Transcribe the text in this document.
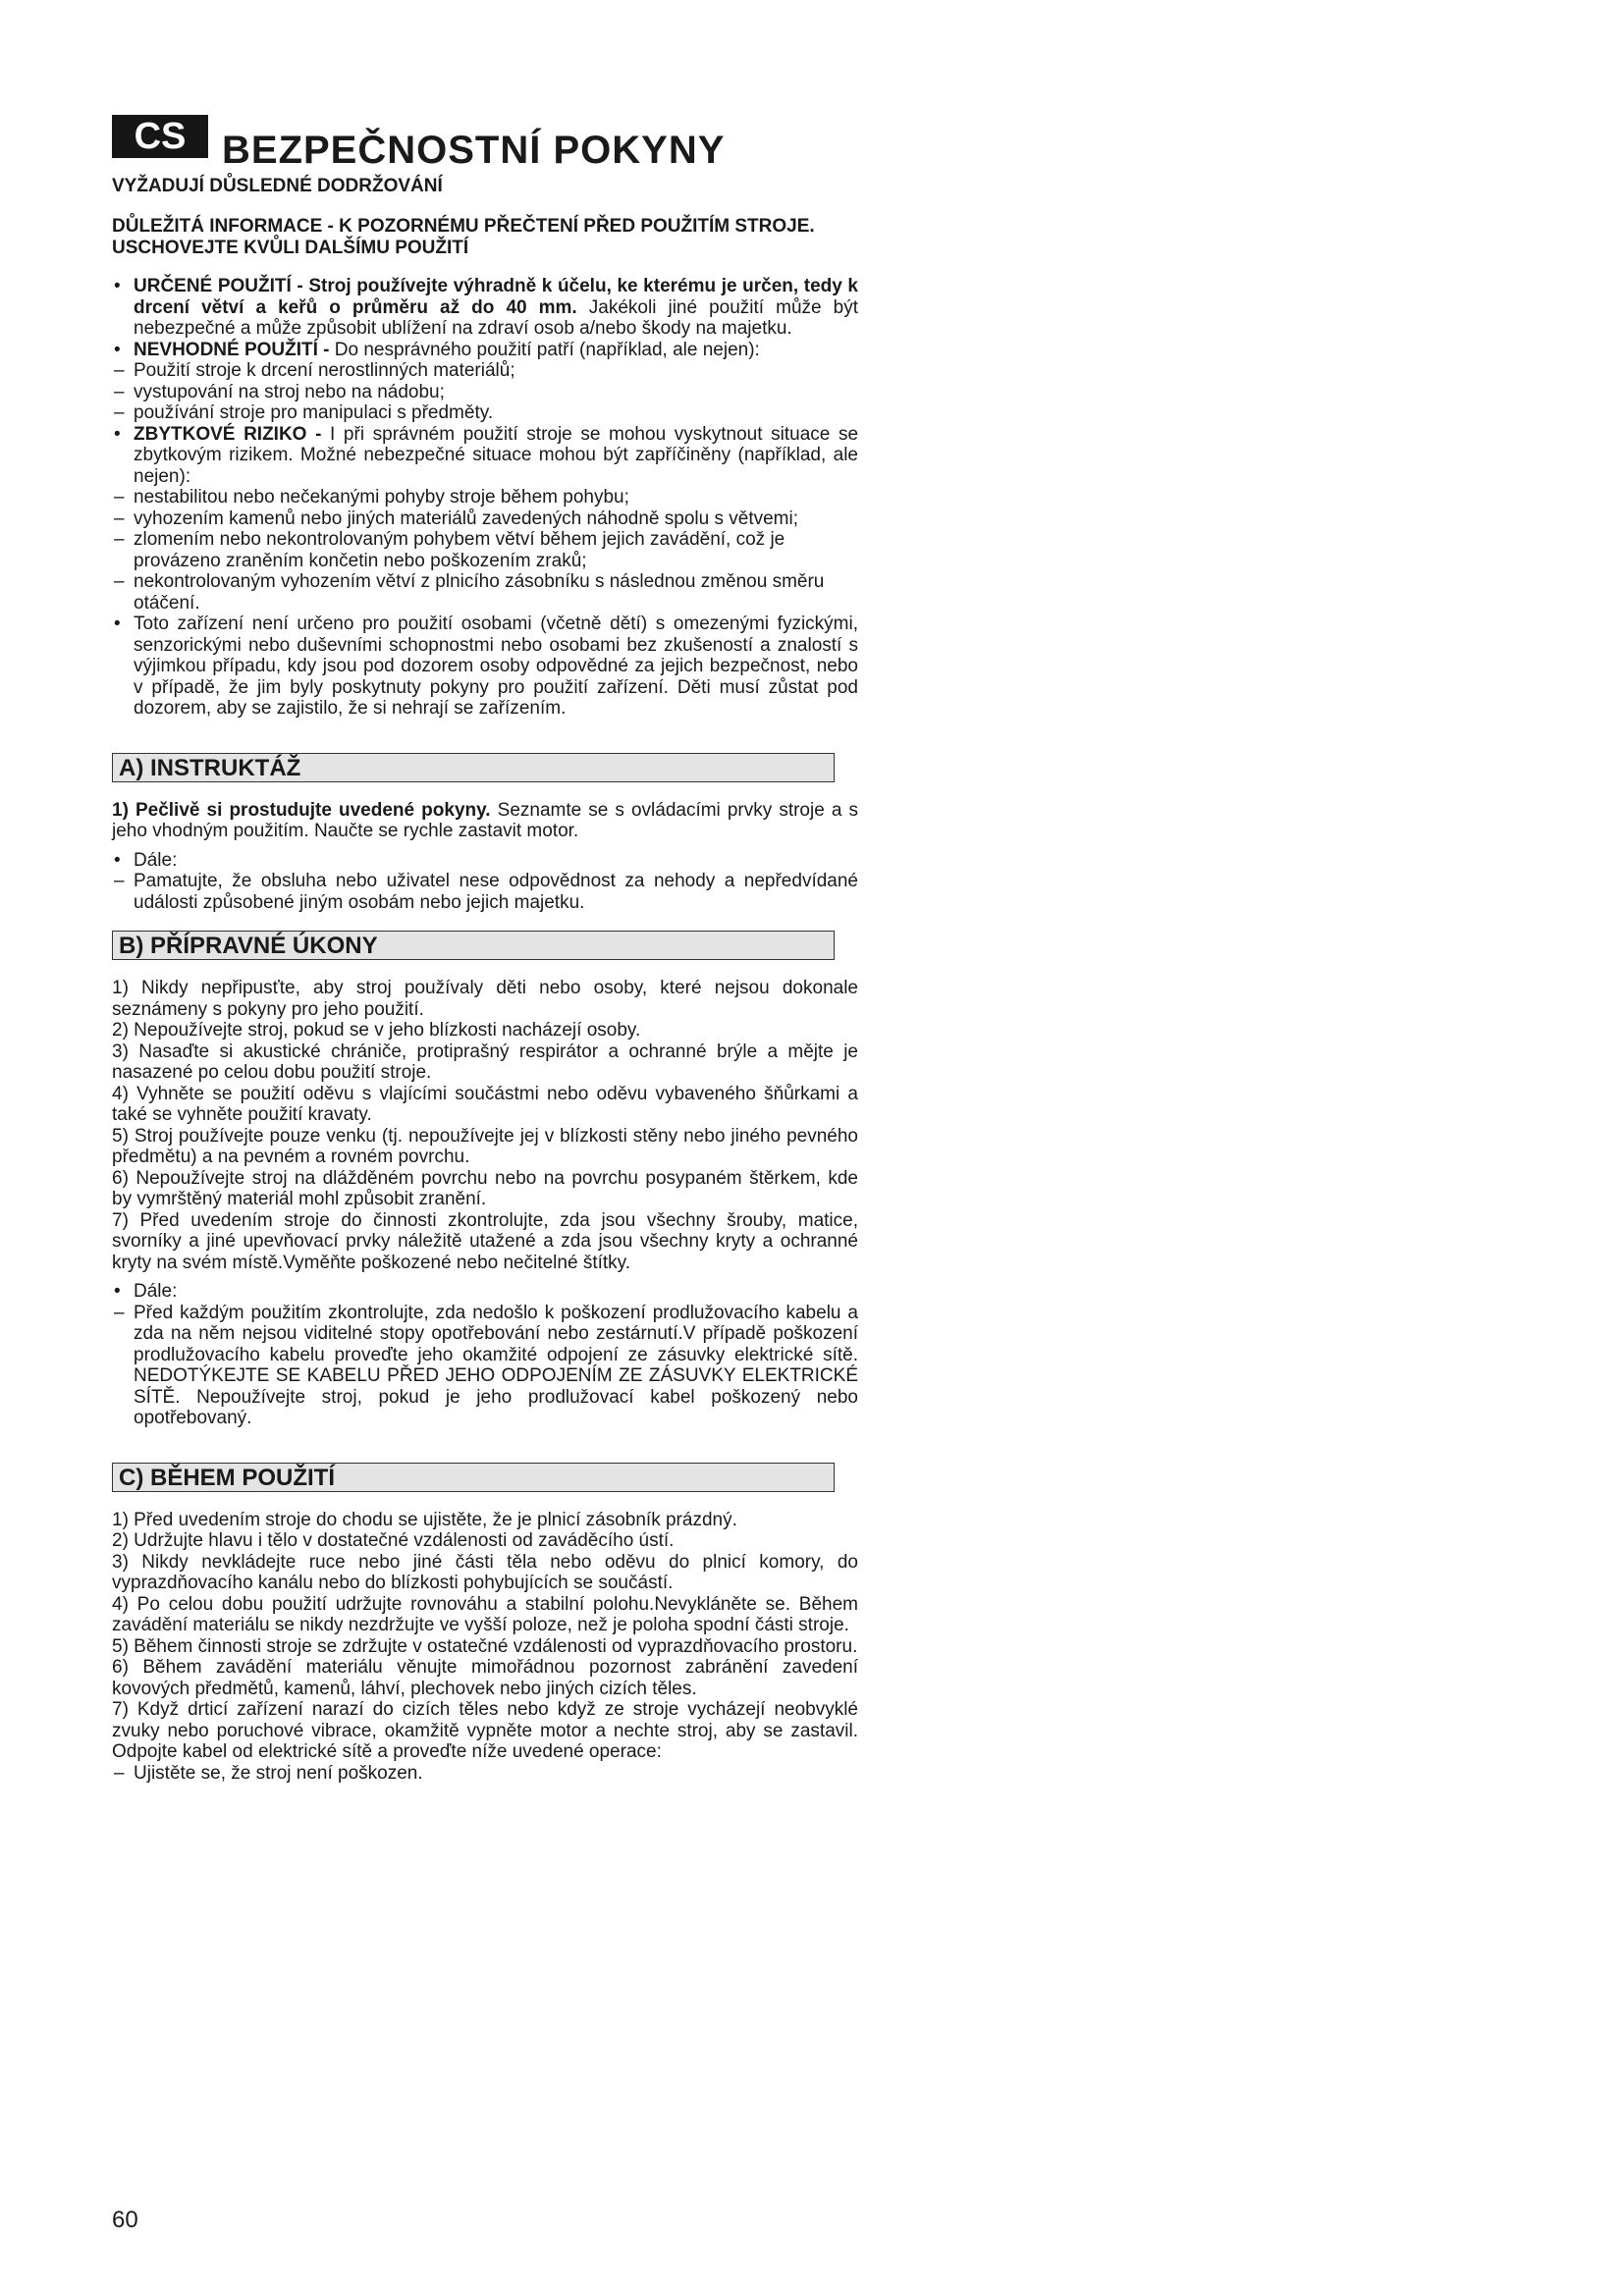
CS BEZPEČNOSTNÍ POKYNY
VYŽADUJÍ DŮSLEDNÉ DODRŽOVÁNÍ

DŮLEŽITÁ INFORMACE - K POZORNÉMU PŘEČTENÍ PŘED POUŽITÍM STROJE. USCHOVEJTE KVŮLI DALŠÍMU POUŽITÍ

• URČENÉ POUŽITÍ - Stroj používejte výhradně k účelu, ke kterému je určen, tedy k drcení větví a keřů o průměru až do 40 mm. Jakékoli jiné použití může být nebezpečné a může způsobit ublížení na zdraví osob a/nebo škody na majetku.
• NEVHODNÉ POUŽITÍ - Do nesprávného použití patří (například, ale nejen):
– Použití stroje k drcení nerostlinných materiálů;
– vystupování na stroj nebo na nádobu;
– používání stroje pro manipulaci s předměty.
• ZBYTKOVÉ RIZIKO - I při správném použití stroje se mohou vyskytnout situace se zbytkovým rizikem. Možné nebezpečné situace mohou být zapříčiněny (například, ale nejen):
– nestabilitou nebo nečekanými pohyby stroje během pohybu;
– vyhozením kamenů nebo jiných materiálů zavedených náhodně spolu s větvemi;
– zlomením nebo nekontrolovaným pohybem větví během jejich zavádění, což je provázeno zraněním končetin nebo poškozením zraků;
– nekontrolovaným vyhozením větví z plnicího zásobníku s následnou změnou směru otáčení.
• Toto zařízení není určeno pro použití osobami (včetně dětí) s omezenými fyzickými, senzorickými nebo duševními schopnostmi nebo osobami bez zkušeností a znalostí s výjimkou případu, kdy jsou pod dozorem osoby odpovědné za jejich bezpečnost, nebo v případě, že jim byly poskytnuty pokyny pro použití zařízení. Děti musí zůstat pod dozorem, aby se zajistilo, že si nehrají se zařízením.
A) INSTRUKTÁŽ

1) Pečlivě si prostudujte uvedené pokyny. Seznamte se s ovládacími prvky stroje a s jeho vhodným použitím. Naučte se rychle zastavit motor.

• Dále:
– Pamatujte, že obsluha nebo uživatel nese odpovědnost za nehody a nepředvídané události způsobené jiným osobám nebo jejich majetku.
B) PŘÍPRAVNÉ ÚKONY

1) Nikdy nepřipusťte, aby stroj používaly děti nebo osoby, které nejsou dokonale seznámeny s pokyny pro jeho použití.

2) Nepoužívejte stroj, pokud se v jeho blízkosti nacházejí osoby.

3) Nasaďte si akustické chrániče, protiprašný respirátor a ochranné brýle a mějte je nasazené po celou dobu použití stroje.

4) Vyhněte se použití oděvu s vlajícími součástmi nebo oděvu vybaveného šňůrkami a také se vyhněte použití kravaty.

5) Stroj používejte pouze venku (tj. nepoužívejte jej v blízkosti stěny nebo jiného pevného předmětu) a na pevném a rovném povrchu.

6) Nepoužívejte stroj na dlážděném povrchu nebo na povrchu posypaném štěrkem, kde by vymrštěný materiál mohl způsobit zranění.

7) Před uvedením stroje do činnosti zkontrolujte, zda jsou všechny šrouby, matice, svorníky a jiné upevňovací prvky náležitě utažené a zda jsou všechny kryty a ochranné kryty na svém místě.Vyměňte poškozené nebo nečitelné štítky.

• Dále:
– Před každým použitím zkontrolujte, zda nedošlo k poškození prodlužovacího kabelu a zda na něm nejsou viditelné stopy opotřebování nebo zestárnutí.V případě poškození prodlužovacího kabelu proveďte jeho okamžité odpojení ze zásuvky elektrické sítě. NEDOTÝKEJTE SE KABELU PŘED JEHO ODPOJENÍM ZE ZÁSUVKY ELEKTRICKÉ SÍTĚ. Nepoužívejte stroj, pokud je jeho prodlužovací kabel poškozený nebo opotřebovaný.
C) BĚHEM POUŽITÍ

1) Před uvedením stroje do chodu se ujistěte, že je plnicí zásobník prázdný.

2) Udržujte hlavu i tělo v dostatečné vzdálenosti od zaváděcího ústí.

3) Nikdy nevkládejte ruce nebo jiné části těla nebo oděvu do plnicí komory, do vyprazdňovacího kanálu nebo do blízkosti pohybujících se součástí.

4) Po celou dobu použití udržujte rovnováhu a stabilní polohu.Nevykláněte se. Během zavádění materiálu se nikdy nezdržujte ve vyšší poloze, než je poloha spodní části stroje.

5) Během činnosti stroje se zdržujte v ostatečné vzdálenosti od vyprazdňovacího prostoru.

6) Během zavádění materiálu věnujte mimořádnou pozornost zabránění zavedení kovových předmětů, kamenů, láhví, plechovek nebo jiných cizích těles.

7) Když drticí zařízení narazí do cizích těles nebo když ze stroje vycházejí neobvyklé zvuky nebo poruchové vibrace, okamžitě vypněte motor a nechte stroj, aby se zastavil. Odpojte kabel od elektrické sítě a proveďte níže uvedené operace:

– Ujistěte se, že stroj není poškozen.

60
